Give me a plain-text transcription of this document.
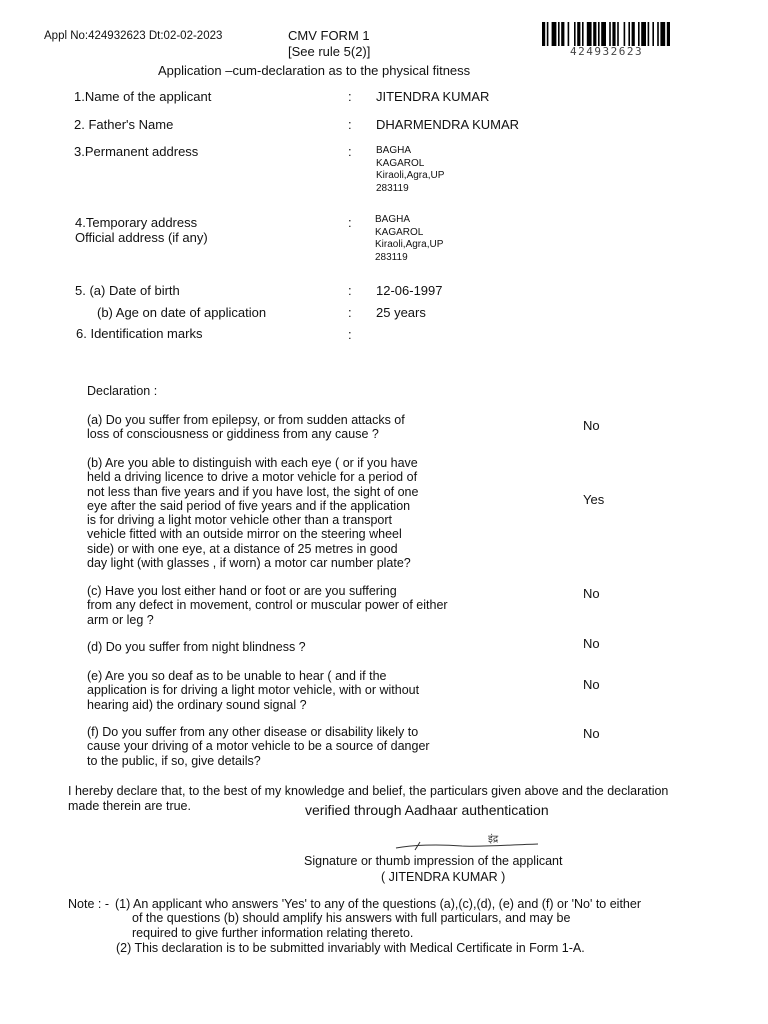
Appl No:424932623 Dt:02-02-2023	CMV FORM 1
[See rule 5(2)]
Application –cum-declaration as to the physical fitness
424932623
1.Name of the applicant	: JITENDRA KUMAR
2. Father's Name	: DHARMENDRA KUMAR
3.Permanent address	: BAGHA
KAGAROL
Kiraoli,Agra,UP
283119
4.Temporary address
Official address (if any)
: BAGHA
KAGAROL
Kiraoli,Agra,UP
283119
5. (a) Date of birth	: 12-06-1997
(b) Age on date of application	: 25 years
6. Identification marks	:
Declaration :
(a) Do you suffer from epilepsy, or from sudden attacks of
loss of consciousness or giddiness from any cause ?
No
(b) Are you able to distinguish with each eye ( or if you have
held a driving licence to drive a motor vehicle for a period of
not less than five years and if you have lost, the sight of one
eye after the said period of five years and if the application
is for driving a light motor vehicle other than a transport
vehicle fitted with an outside mirror on the steering wheel
side) or with one eye, at a distance of 25 metres in good
day light (with glasses , if worn) a motor car number plate?
Yes
(c) Have you lost either hand or foot or are you suffering
from any defect in movement, control or muscular power of either
arm or leg ?
No
(d) Do you suffer from night blindness ?	No
(e) Are you so deaf as to be unable to hear ( and if the
application is for driving a light motor vehicle, with or without
hearing aid) the ordinary sound signal ?
No
(f) Do you suffer from any other disease or disability likely to
cause your driving of a motor vehicle to be a source of danger
to the public, if so, give details?
No
I hereby declare that, to the best of my knowledge and belief, the particulars given above and the declaration
made therein are true.	verified through Aadhaar authentication
इंद्र
Signature or thumb impression of the applicant
( JITENDRA KUMAR )
Note : - (1) An applicant who answers 'Yes' to any of the questions (a),(c),(d), (e) and (f) or 'No' to either
of the questions (b) should amplify his answers with full particulars, and may be
required to give further information relating thereto.
(2) This declaration is to be submitted invariably with Medical Certificate in Form 1-A.
